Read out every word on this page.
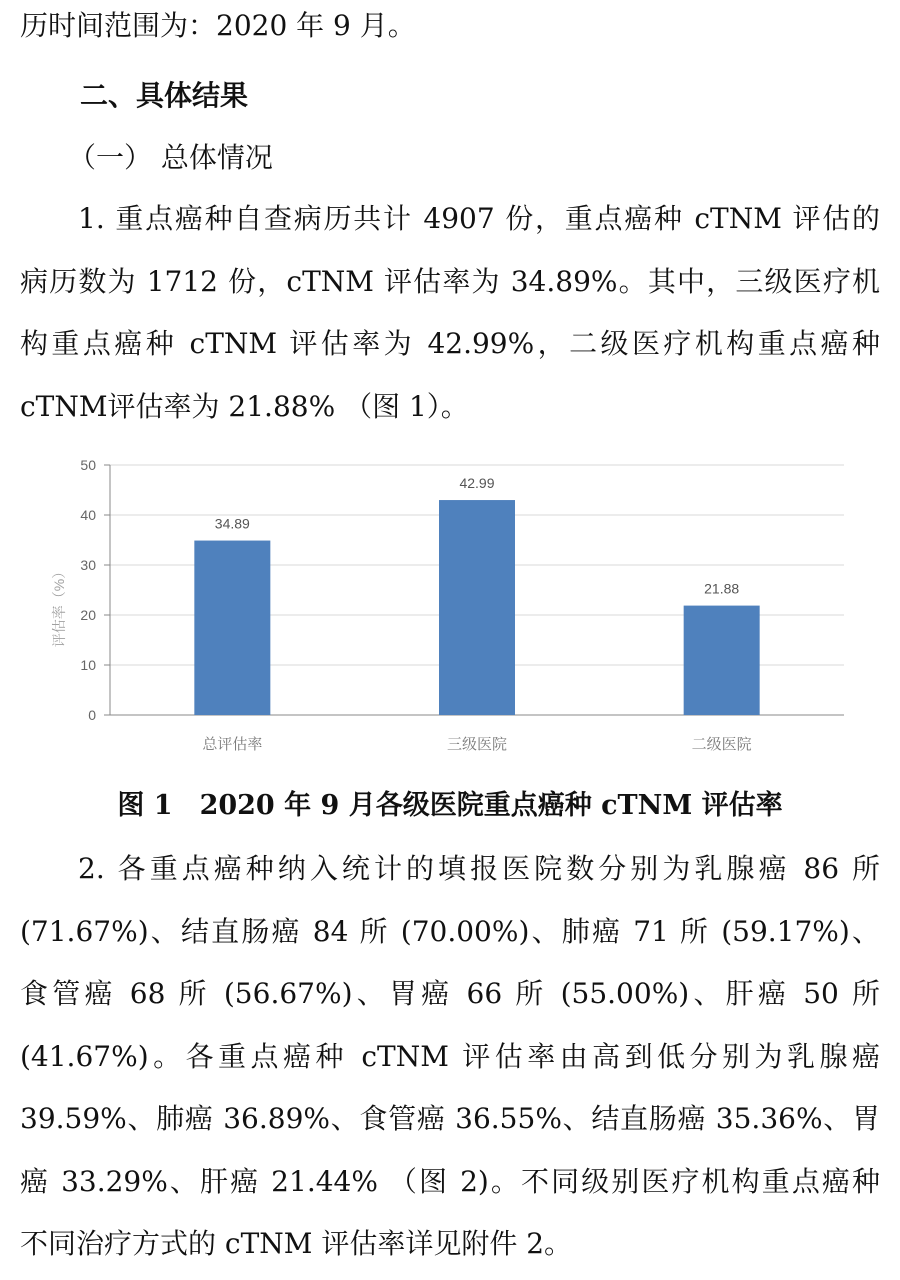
历时间范围为：2020 年 9 月。
二、具体结果
（一） 总体情况
1. 重点癌种自查病历共计 4907 份，重点癌种 cTNM 评估的
病历数为 1712 份，cTNM 评估率为 34.89%。其中，三级医疗机
构重点癌种 cTNM 评估率为 42.99%，二级医疗机构重点癌种
cTNM评估率为 21.88% （图 1）。
0
10
20
30
40
50
34.89
总评估率
42.99
三级医院
21.88
二级医院
评估率（%）
图 1　2020 年 9 月各级医院重点癌种 cTNM 评估率
2. 各重点癌种纳入统计的填报医院数分别为乳腺癌 86 所
(71.67%)、结直肠癌 84 所 (70.00%)、肺癌 71 所 (59.17%)、
食管癌 68 所 (56.67%)、胃癌 66 所 (55.00%)、肝癌 50 所
(41.67%)。各重点癌种 cTNM 评估率由高到低分别为乳腺癌
39.59%、肺癌 36.89%、食管癌 36.55%、结直肠癌 35.36%、胃
癌 33.29%、肝癌 21.44% （图 2)。不同级别医疗机构重点癌种
不同治疗方式的 cTNM 评估率详见附件 2。
